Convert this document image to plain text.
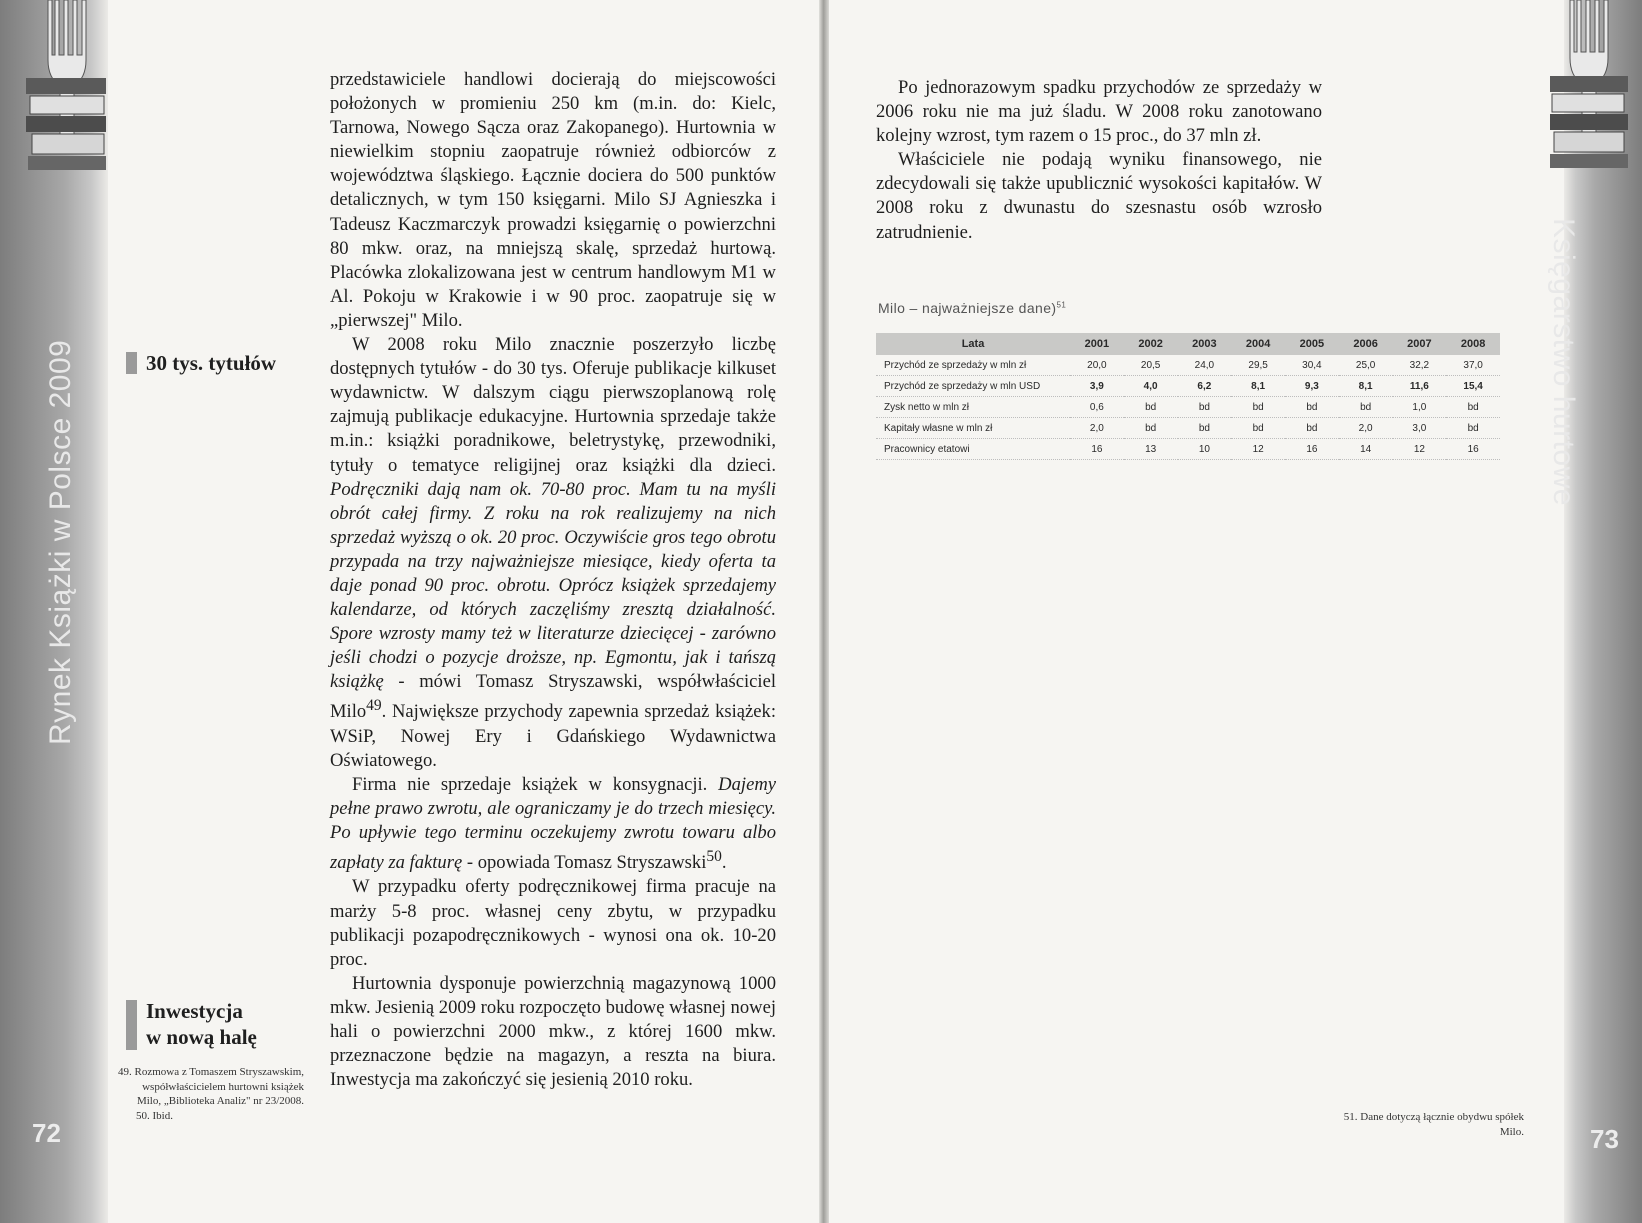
Rynek Książki w Polsce 2009	Księgarstwo hurtowe
72	73
30 tys. tytułów
Inwestycja
w nową halę

49. Rozmowa z Tomaszem Stryszawskim, współwłaścicielem hurtowni książek Milo, „Biblioteka Analiz" nr 23/2008.

50. Ibid.

przedstawiciele handlowi docierają do miejscowości położonych w promieniu 250 km (m.in. do: Kielc, Tarnowa, Nowego Sącza oraz Zakopanego). Hurtownia w niewielkim stopniu zaopatruje również odbiorców z województwa śląskiego. Łącznie dociera do 500 punktów detalicznych, w tym 150 księgarni. Milo SJ Agnieszka i Tadeusz Kaczmarczyk prowadzi księgarnię o powierzchni 80 mkw. oraz, na mniejszą skalę, sprzedaż hurtową. Placówka zlokalizowana jest w centrum handlowym M1 w Al. Pokoju w Krakowie i w 90 proc. zaopatruje się w „pierwszej" Milo.

W 2008 roku Milo znacznie poszerzyło liczbę dostępnych tytułów - do 30 tys. Oferuje publikacje kilkuset wydawnictw. W dalszym ciągu pierwszoplanową rolę zajmują publikacje edukacyjne. Hurtownia sprzedaje także m.in.: książki poradnikowe, beletrystykę, przewodniki, tytuły o tematyce religijnej oraz książki dla dzieci. Podręczniki dają nam ok. 70-80 proc. Mam tu na myśli obrót całej firmy. Z roku na rok realizujemy na nich sprzedaż wyższą o ok. 20 proc. Oczywiście gros tego obrotu przypada na trzy najważniejsze miesiące, kiedy oferta ta daje ponad 90 proc. obrotu. Oprócz książek sprzedajemy kalendarze, od których zaczęliśmy zresztą działalność. Spore wzrosty mamy też w literaturze dziecięcej - zarówno jeśli chodzi o pozycje droższe, np. Egmontu, jak i tańszą książkę - mówi Tomasz Stryszawski, współwłaściciel Milo$^{49}$. Największe przychody zapewnia sprzedaż książek: WSiP, Nowej Ery i Gdańskiego Wydawnictwa Oświatowego.

Firma nie sprzedaje książek w konsygnacji. Dajemy pełne prawo zwrotu, ale ograniczamy je do trzech miesięcy. Po upływie tego terminu oczekujemy zwrotu towaru albo zapłaty za fakturę - opowiada Tomasz Stryszawski$^{50}$.

W przypadku oferty podręcznikowej firma pracuje na marży 5-8 proc. własnej ceny zbytu, w przypadku publikacji pozapodręcznikowych - wynosi ona ok. 10-20 proc.

Hurtownia dysponuje powierzchnią magazynową 1000 mkw. Jesienią 2009 roku rozpoczęto budowę własnej nowej hali o powierzchni 2000 mkw., z której 1600 mkw. przeznaczone będzie na magazyn, a reszta na biura. Inwestycja ma zakończyć się jesienią 2010 roku.

Po jednorazowym spadku przychodów ze sprzedaży w 2006 roku nie ma już śladu. W 2008 roku zanotowano kolejny wzrost, tym razem o 15 proc., do 37 mln zł.

Właściciele nie podają wyniku finansowego, nie zdecydowali się także upublicznić wysokości kapitałów. W 2008 roku z dwunastu do szesnastu osób wzrosło zatrudnienie.

Milo – najważniejsze dane)$^{51}$
Lata	2001	2002	2003	2004	2005	2006	2007	2008
Przychód ze sprzedaży w mln zł	20,0	20,5	24,0	29,5	30,4	25,0	32,2	37,0
Przychód ze sprzedaży w mln USD	3,9	4,0	6,2	8,1	9,3	8,1	11,6	15,4
Zysk netto w mln zł	0,6	bd	bd	bd	bd	bd	1,0	bd
Kapitały własne w mln zł	2,0	bd	bd	bd	bd	2,0	3,0	bd
Pracownicy etatowi	16	13	10	12	16	14	12	16

51. Dane dotyczą łącznie obydwu spółek Milo.
